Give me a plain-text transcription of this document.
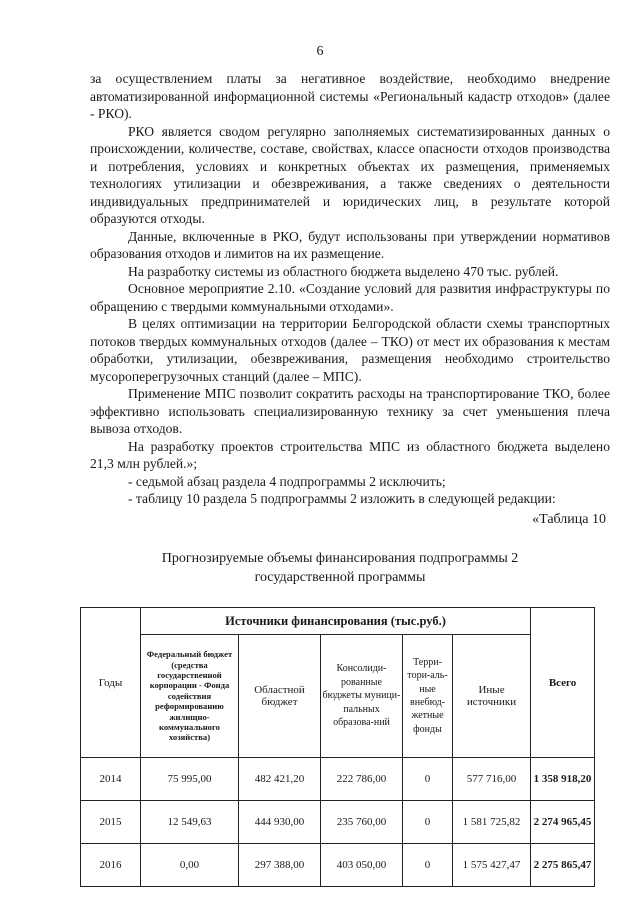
6

за осуществлением платы за негативное воздействие, необходимо внедрение автоматизированной информационной системы «Региональный кадастр отходов» (далее - РКО).

РКО является сводом регулярно заполняемых систематизированных данных о происхождении, количестве, составе, свойствах, классе опасности отходов производства и потребления, условиях и конкретных объектах их размещения, применяемых технологиях утилизации и обезвреживания, а также сведениях о деятельности индивидуальных предпринимателей и юридических лиц, в результате которой образуются отходы.

Данные, включенные в РКО, будут использованы при утверждении нормативов образования отходов и лимитов на их размещение.

На разработку системы из областного бюджета выделено 470 тыс. рублей.

Основное мероприятие 2.10. «Создание условий для развития инфраструктуры по обращению с твердыми коммунальными отходами».

В целях оптимизации на территории Белгородской области схемы транспортных потоков твердых коммунальных отходов (далее – ТКО) от мест их образования к местам обработки, утилизации, обезвреживания, размещения необходимо строительство мусороперегрузочных станций (далее – МПС).

Применение МПС позволит сократить расходы на транспортирование ТКО, более эффективно использовать специализированную технику за счет уменьшения плеча вывоза отходов.

На разработку проектов строительства МПС из областного бюджета выделено 21,3 млн рублей.»;

- седьмой абзац раздела 4 подпрограммы 2 исключить;

- таблицу 10 раздела 5 подпрограммы 2 изложить в следующей редакции:

«Таблица 10
Прогнозируемые объемы финансирования подпрограммы 2
государственной программы
Годы	Источники финансирования (тыс.руб.)					Всего
	Федеральный бюджет (средства государственной корпорации - Фонда содействия реформированию жилищно-коммунального хозяйства)	Областной бюджет	Консолиди-рованные бюджеты муници-пальных образова-ний	Терри-тори-аль-ные внебюд-жетные фонды	Иные источники	
2014	75 995,00	482 421,20	222 786,00	0	577 716,00	1 358 918,20
2015	12 549,63	444 930,00	235 760,00	0	1 581 725,82	2 274 965,45
2016	0,00	297 388,00	403 050,00	0	1 575 427,47	2 275 865,47
